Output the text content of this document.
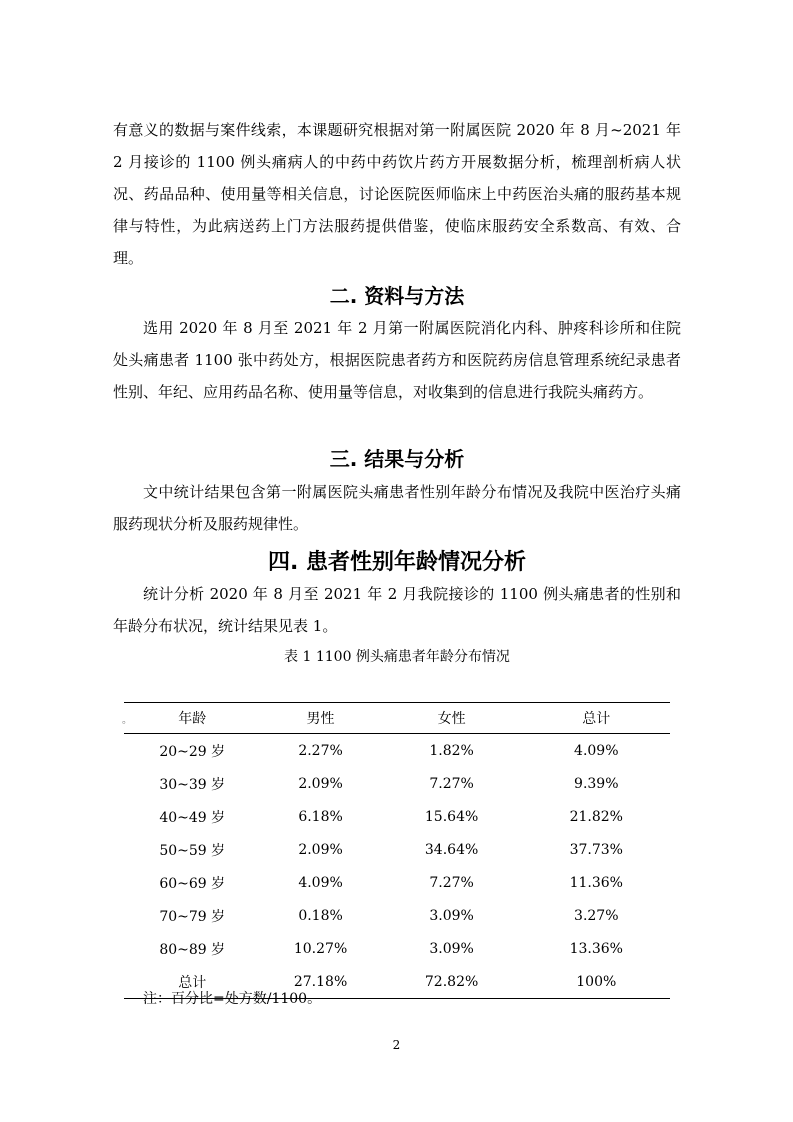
有意义的数据与案件线索，本课题研究根据对第一附属医院 2020 年 8 月~2021 年 2 月接诊的 1100 例头痛病人的中药中药饮片药方开展数据分析，梳理剖析病人状况、药品品种、使用量等相关信息，讨论医院医师临床上中药医治头痛的服药基本规律与特性，为此病送药上门方法服药提供借鉴，使临床服药安全系数高、有效、合理。

二. 资料与方法

选用 2020 年 8 月至 2021 年 2 月第一附属医院消化内科、肿疼科诊所和住院处头痛患者 1100 张中药处方，根据医院患者药方和医院药房信息管理系统纪录患者性别、年纪、应用药品名称、使用量等信息，对收集到的信息进行我院头痛药方。

三. 结果与分析

文中统计结果包含第一附属医院头痛患者性别年龄分布情况及我院中医治疗头痛服药现状分析及服药规律性。

四. 患者性别年龄情况分析

统计分析 2020 年 8 月至 2021 年 2 月我院接诊的 1100 例头痛患者的性别和年龄分布状况，统计结果见表 1。

表 1 1100 例头痛患者年龄分布情况

。 年龄	男性	女性	总计
20~29 岁	2.27%	1.82%	4.09%
30~39 岁	2.09%	7.27%	9.39%
40~49 岁	6.18%	15.64%	21.82%
50~59 岁	2.09%	34.64%	37.73%
60~69 岁	4.09%	7.27%	11.36%
70~79 岁	0.18%	3.09%	3.27%
80~89 岁	10.27%	3.09%	13.36%
总计	27.18%	72.82%	100%

注：百分比=处方数/1100。

2
